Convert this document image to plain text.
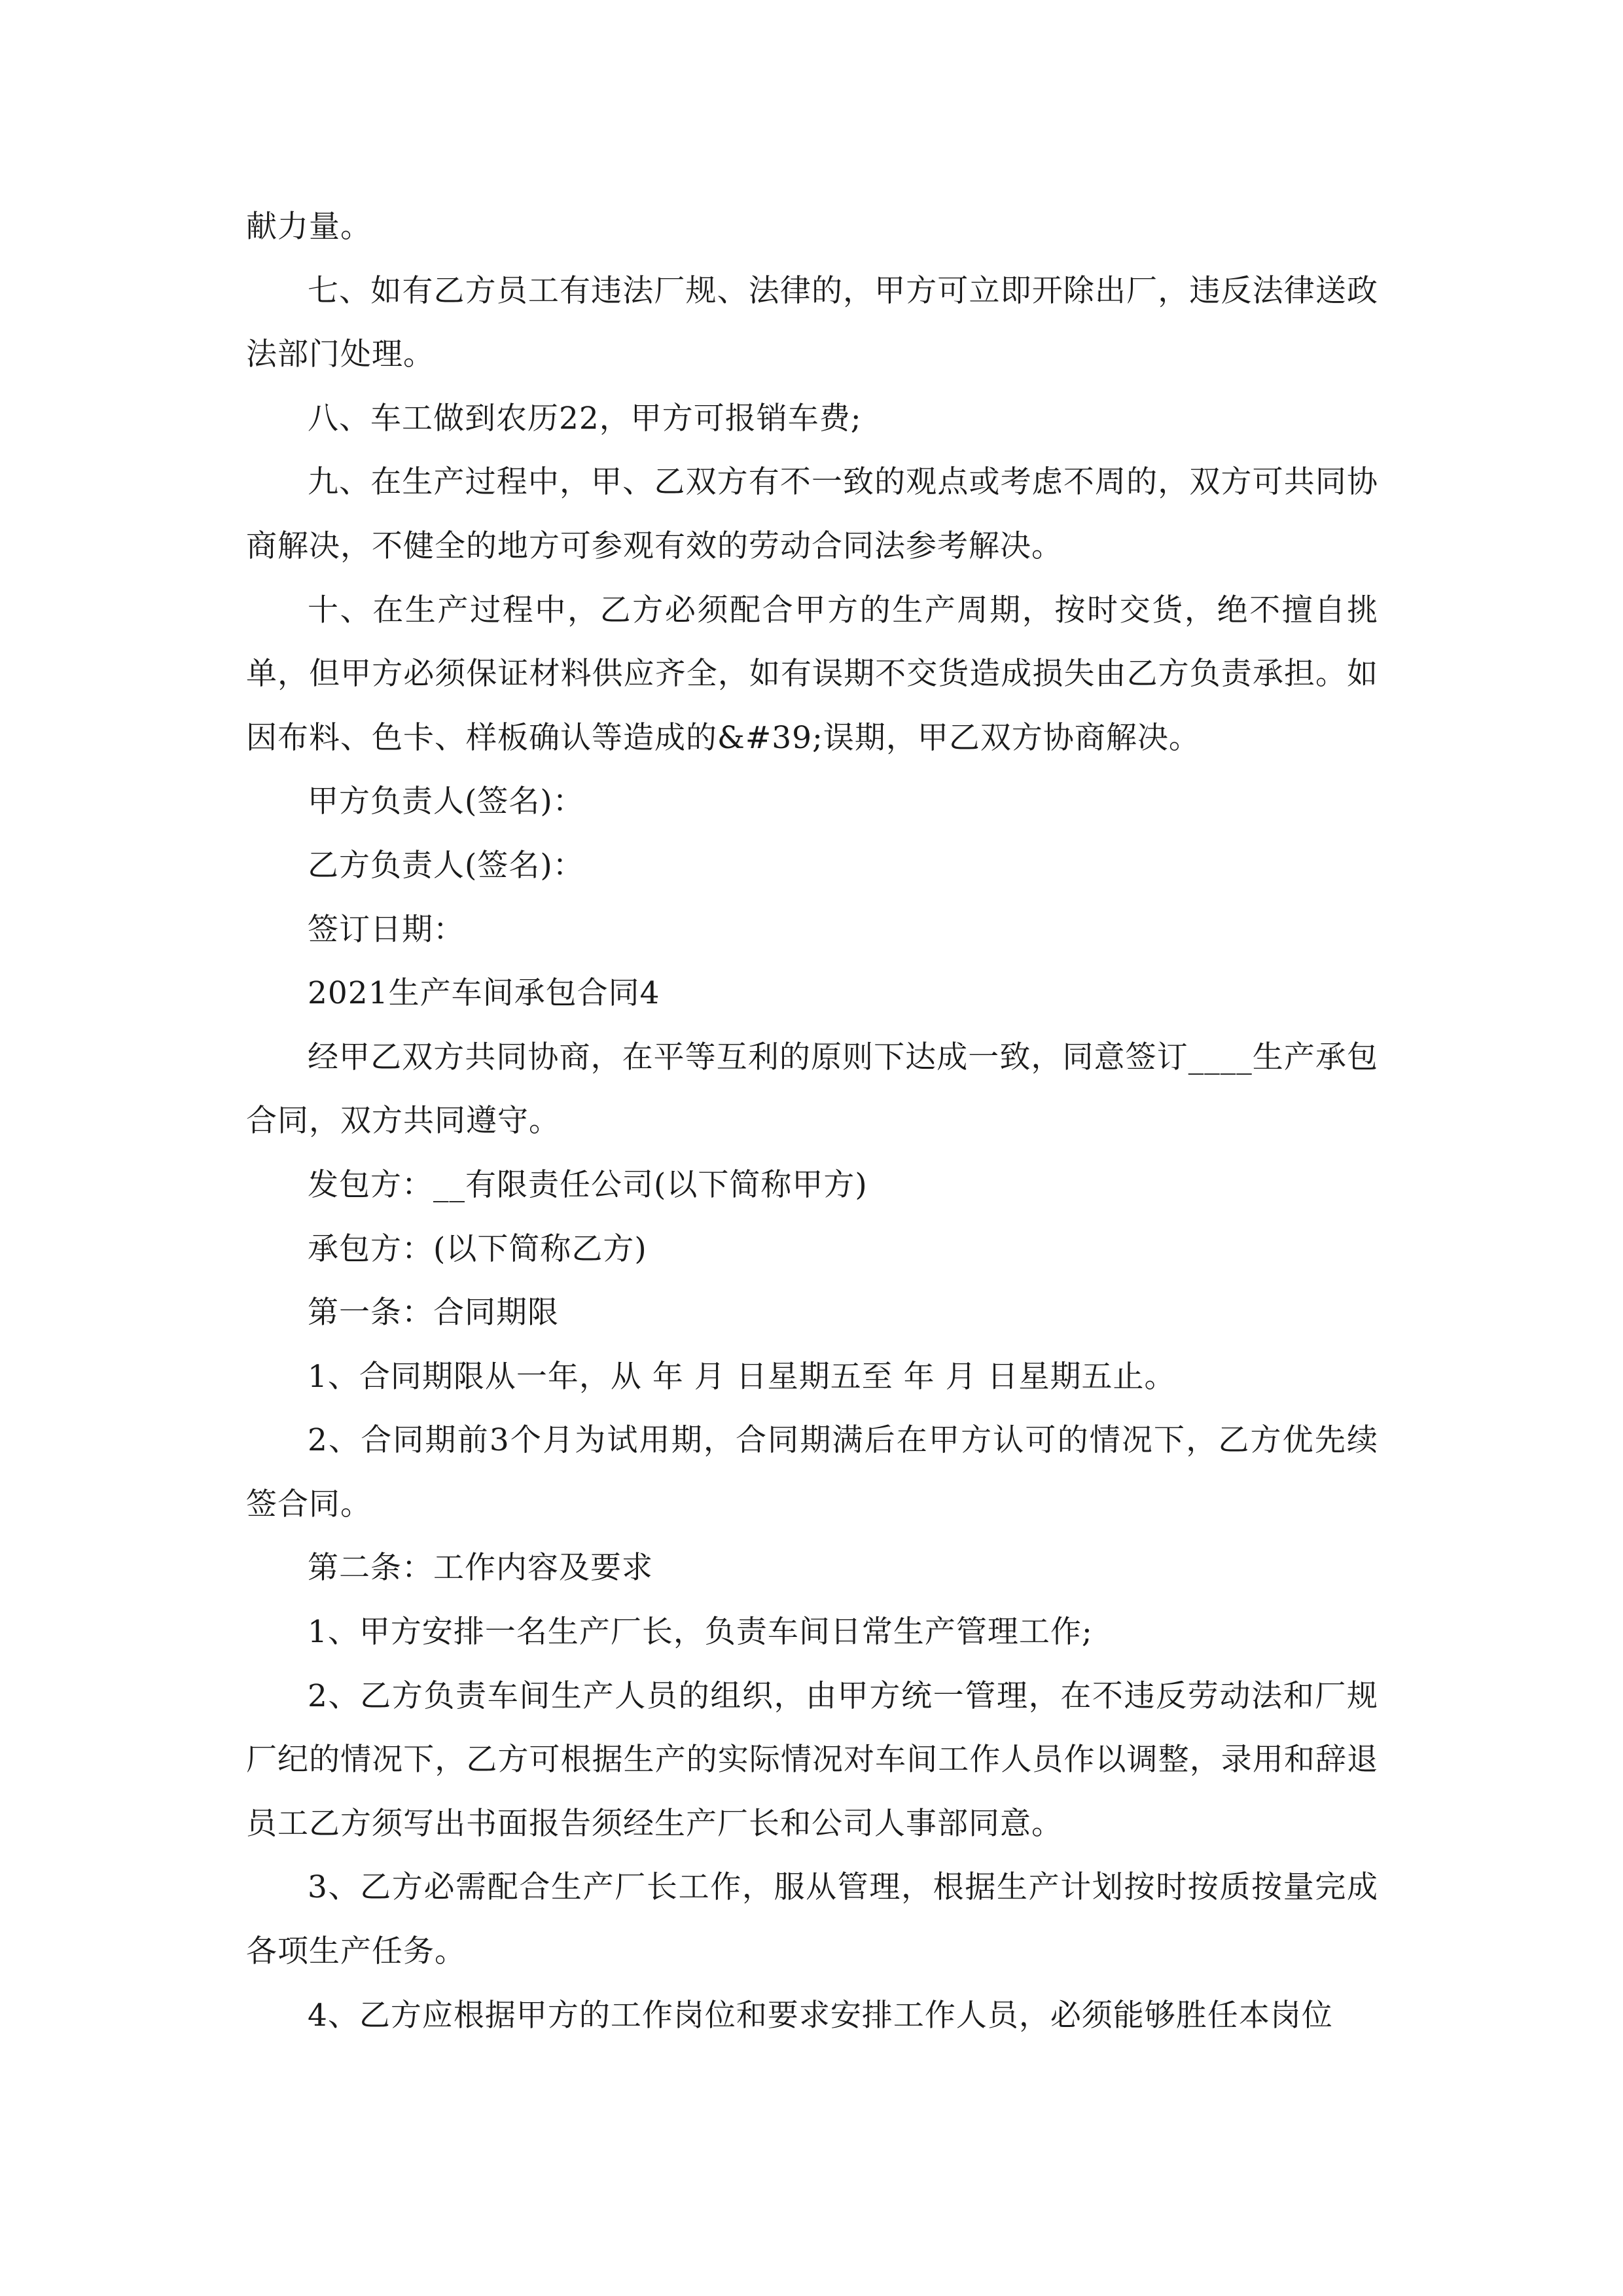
献力量。

七、如有乙方员工有违法厂规、法律的，甲方可立即开除出厂，违反法律送政法部门处理。

八、车工做到农历22，甲方可报销车费;

九、在生产过程中，甲、乙双方有不一致的观点或考虑不周的，双方可共同协商解决，不健全的地方可参观有效的劳动合同法参考解决。

十、在生产过程中，乙方必须配合甲方的生产周期，按时交货，绝不擅自挑单，但甲方必须保证材料供应齐全，如有误期不交货造成损失由乙方负责承担。如因布料、色卡、样板确认等造成的&#39;误期，甲乙双方协商解决。

甲方负责人(签名)：

乙方负责人(签名)：

签订日期：

2021生产车间承包合同4

经甲乙双方共同协商，在平等互利的原则下达成一致，同意签订____生产承包合同，双方共同遵守。

发包方：__有限责任公司(以下简称甲方)

承包方：(以下简称乙方)

第一条：合同期限

1、合同期限从一年，从 年 月 日星期五至 年 月 日星期五止。

2、合同期前3个月为试用期，合同期满后在甲方认可的情况下，乙方优先续签合同。

第二条：工作内容及要求

1、甲方安排一名生产厂长，负责车间日常生产管理工作;

2、乙方负责车间生产人员的组织，由甲方统一管理，在不违反劳动法和厂规厂纪的情况下，乙方可根据生产的实际情况对车间工作人员作以调整，录用和辞退员工乙方须写出书面报告须经生产厂长和公司人事部同意。

3、乙方必需配合生产厂长工作，服从管理，根据生产计划按时按质按量完成各项生产任务。

4、乙方应根据甲方的工作岗位和要求安排工作人员，必须能够胜任本岗位
